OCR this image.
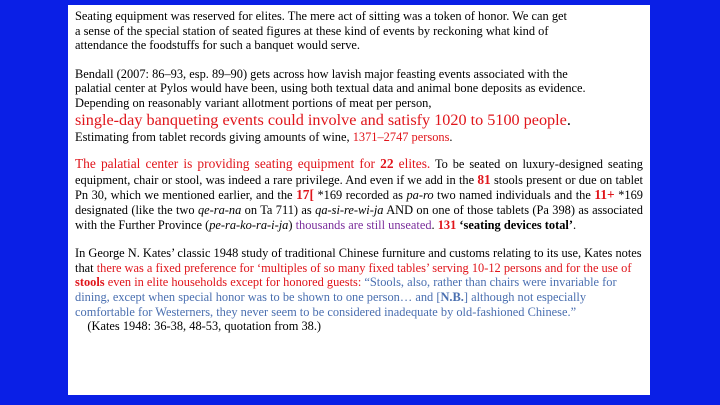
Seating equipment was reserved for elites. The mere act of sitting was a token of honor. We can get
a sense of the special station of seated figures at these kind of events by reckoning what kind of
attendance the foodstuffs for such a banquet would serve.
Bendall (2007: 86–93, esp. 89–90) gets across how lavish major feasting events associated with the
palatial center at Pylos would have been, using both textual data and animal bone deposits as evidence.
Depending on reasonably variant allotment portions of meat per person,
single-day banqueting events could involve and satisfy 1020 to 5100 people.
Estimating from tablet records giving amounts of wine, 1371–2747 persons.
The palatial center is providing seating equipment for 22 elites. To be seated on luxury-designed seating equipment, chair or stool, was indeed a rare privilege. And even if we add in the 81 stools present or due on tablet Pn 30, which we mentioned earlier, and the 17[ *169 recorded as pa-ro two named individuals and the 11+ *169 designated (like the two qe-ra-na on Ta 711) as qa-si-re-wi-ja AND on one of those tablets (Pa 398) as associated with the Further Province (pe-ra-ko-ra-i-ja) thousands are still unseated. 131 ‘seating devices total’.
In George N. Kates’ classic 1948 study of traditional Chinese furniture and customs relating to its use, Kates notes that there was a fixed preference for ‘multiples of so many fixed tables’ serving 10-12 persons and for the use of stools even in elite households except for honored guests: “Stools, also, rather than chairs were invariable for dining, except when special honor was to be shown to one person… and [N.B.] although not especially comfortable for Westerners, they never seem to be considered inadequate by old-fashioned Chinese.”    (Kates 1948: 36-38, 48-53, quotation from 38.)
